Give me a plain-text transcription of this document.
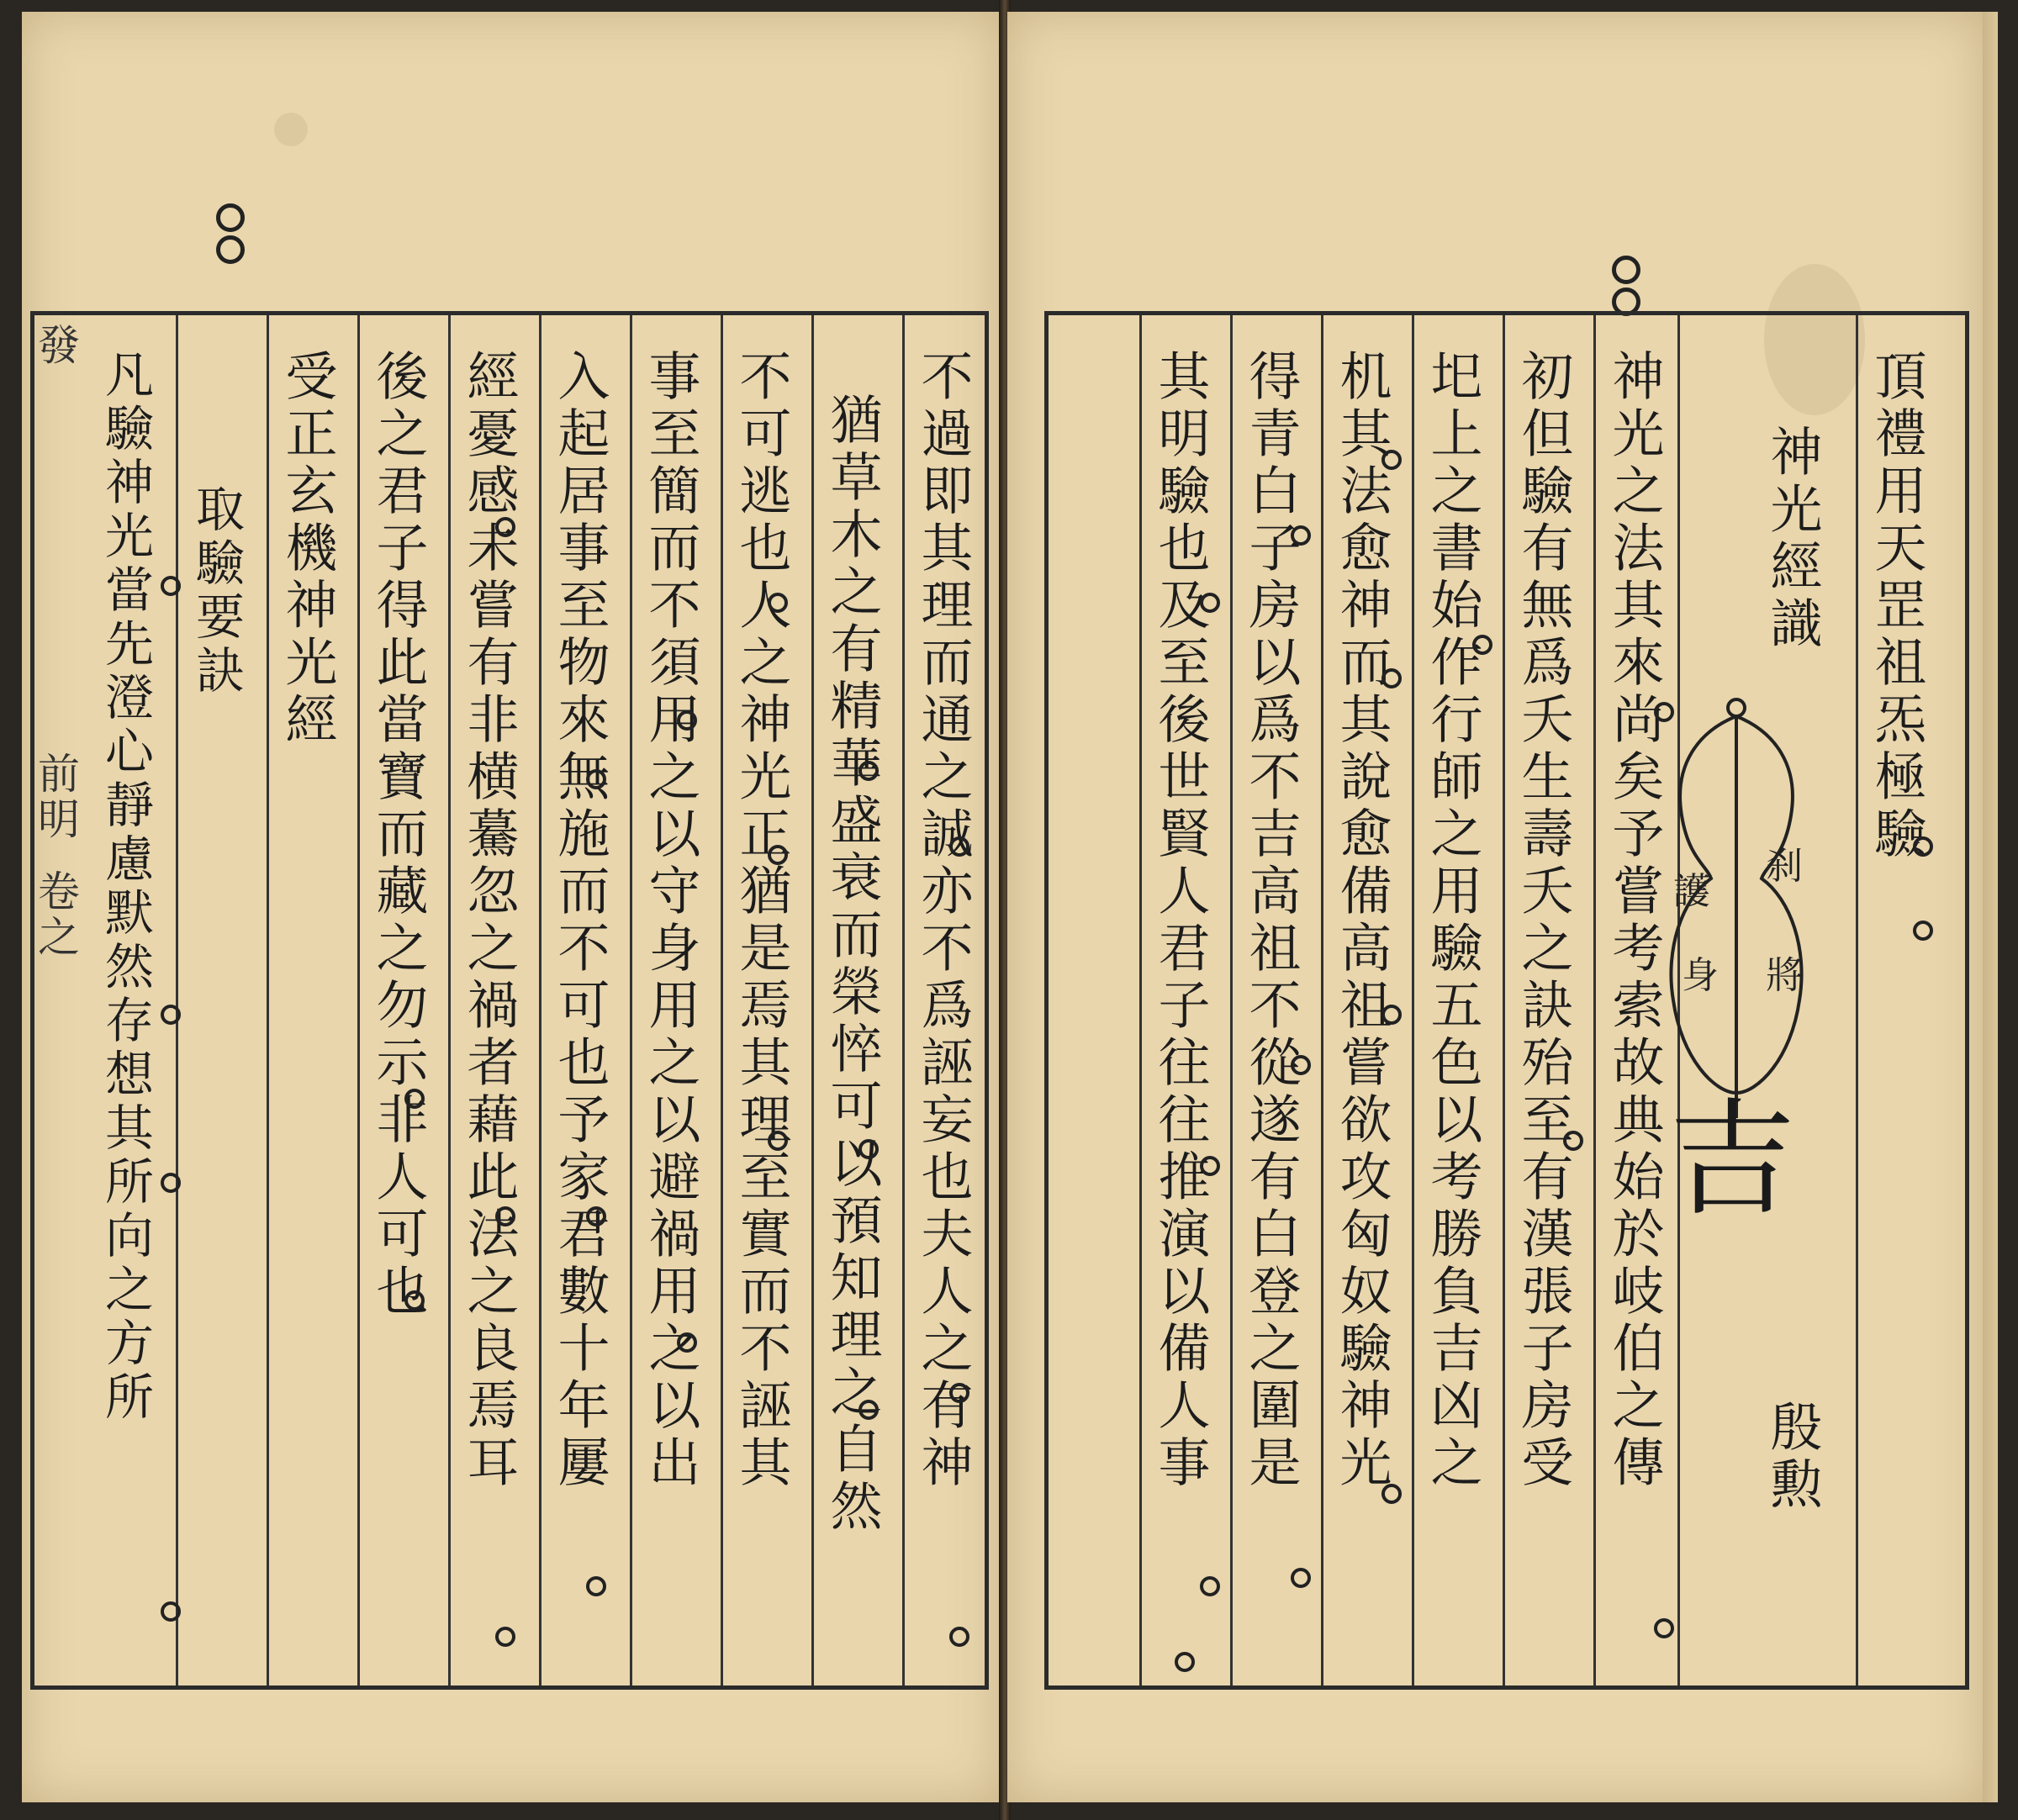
不過即其理而通之誠亦不爲誣妄也夫人之有神
猶草木之有精華盛衰而榮悴可以預知理之自然
不可逃也人之神光正猶是焉其理至實而不誣其
事至簡而不須用之以守身用之以避禍用之以出
入起居事至物來無施而不可也予家君數十年屢
經憂感未嘗有非横驀忽之禍者藉此法之良焉耳
後之君子得此當寶而藏之勿示非人可也
受正玄機神光經
取驗要訣
凡驗神光當先澄心靜慮默然存想其所向之方所
發
前明
卷之
頂禮用天罡祖炁極驗
神光經識
殷勲
神光之法其來尚矣予嘗考索故典始於岐伯之傳
初但驗有無爲夭生壽夭之訣殆至有漢張子房受
圯上之書始作行師之用驗五色以考勝負吉凶之
机其法愈神而其說愈備高祖嘗欲攻匈奴驗神光
得青白子房以爲不吉高祖不從遂有白登之圍是
其明驗也及至後世賢人君子往往推演以備人事	刹
將
護
身
吉
